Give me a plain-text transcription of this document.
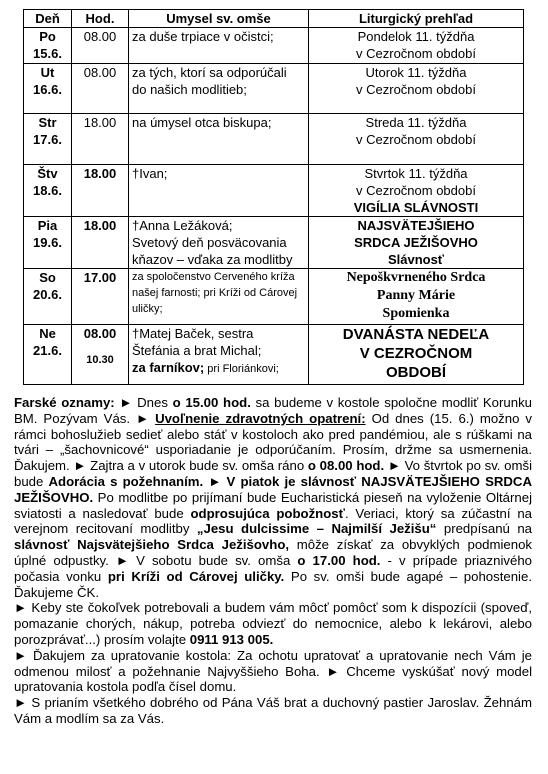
Deň	Hod.	Umysel sv. omše	Liturgický prehľad
Po
15.6.	08.00	za duše trpiace v očistci;	Pondelok 11. týždňa
v Cezročnom období
Ut
16.6.	08.00	za tých, ktorí sa odporúčali
do našich modlitieb;	Utorok 11. týždňa
v Cezročnom období
Str
17.6.	18.00	na úmysel otca biskupa;	Streda 11. týždňa
v Cezročnom období
Štv
18.6.	18.00	†Ivan;	Stvrtok 11. týždňa
v Cezročnom období
VIGÍLIA SLÁVNOSTI
Pia
19.6.	18.00	†Anna Ležáková;
Svetový deň posväcovania
kňazov – vďaka za modlitby	NAJSVÄTEJŠIEHO
SRDCA JEŽIŠOVHO
Slávnosť
So
20.6.	17.00	za spoločenstvo Cerveného kríža
našej farnosti; pri Kríži od Cárovej
uličky;	Nepoškvrneného Srdca
Panny Márie
Spomienka
Ne
21.6.	08.00
10.30	†Matej Baček, sestra
Štefánia a brat Michal;
za farníkov; pri Floriánkovi;	DVANÁSTA NEDEĽA
V CEZROČNOM
OBDOBÍ

Farské oznamy: ► Dnes o 15.00 hod. sa budeme v kostole spoločne modliť Korunku BM. Pozývam Vás. ► Uvoľnenie zdravotných opatrení: Od dnes (15. 6.) možno v rámci bohoslužieb sedieť alebo stáť v kostoloch ako pred pandémiou, ale s rúškami na tvári – „šachovnicové“ usporiadanie je odporúčaním. Prosím, držme sa usmernenia. Ďakujem. ► Zajtra a v utorok bude sv. omša ráno o 08.00 hod. ► Vo štvrtok po sv. omši bude Adorácia s požehnaním. ► V piatok je slávnosť NAJSVÄTEJŠIEHO SRDCA JEŽIŠOVHO. Po modlitbe po prijímaní bude Eucharistická pieseň na vyloženie Oltárnej sviatosti a nasledovať bude odprosujúca pobožnosť. Veriaci, ktorý sa zúčastní na verejnom recitovaní modlitby „Jesu dulcissime – Najmilší Ježišu“ predpísanú na slávnosť Najsvätejšieho Srdca Ježišovho, môže získať za obvyklých podmienok úplné odpustky. ► V sobotu bude sv. omša o 17.00 hod. - v prípade priaznivého počasia vonku pri Kríži od Cárovej uličky. Po sv. omši bude agapé – pohostenie. Ďakujeme ČK.

► Keby ste čokoľvek potrebovali a budem vám môcť pomôcť som k dispozícii (spoveď, pomazanie chorých, nákup, potreba odviezť do nemocnice, alebo k lekárovi, alebo porozprávať...) prosím volajte 0911 913 005.

► Ďakujem za upratovanie kostola: Za ochotu upratovať a upratovanie nech Vám je odmenou milosť a požehnanie Najvyššieho Boha. ► Chceme vyskúšať nový model upratovania kostola podľa čísel domu.

► S prianím všetkého dobrého od Pána Váš brat a duchovný pastier Jaroslav. Žehnám Vám a modlím sa za Vás.
